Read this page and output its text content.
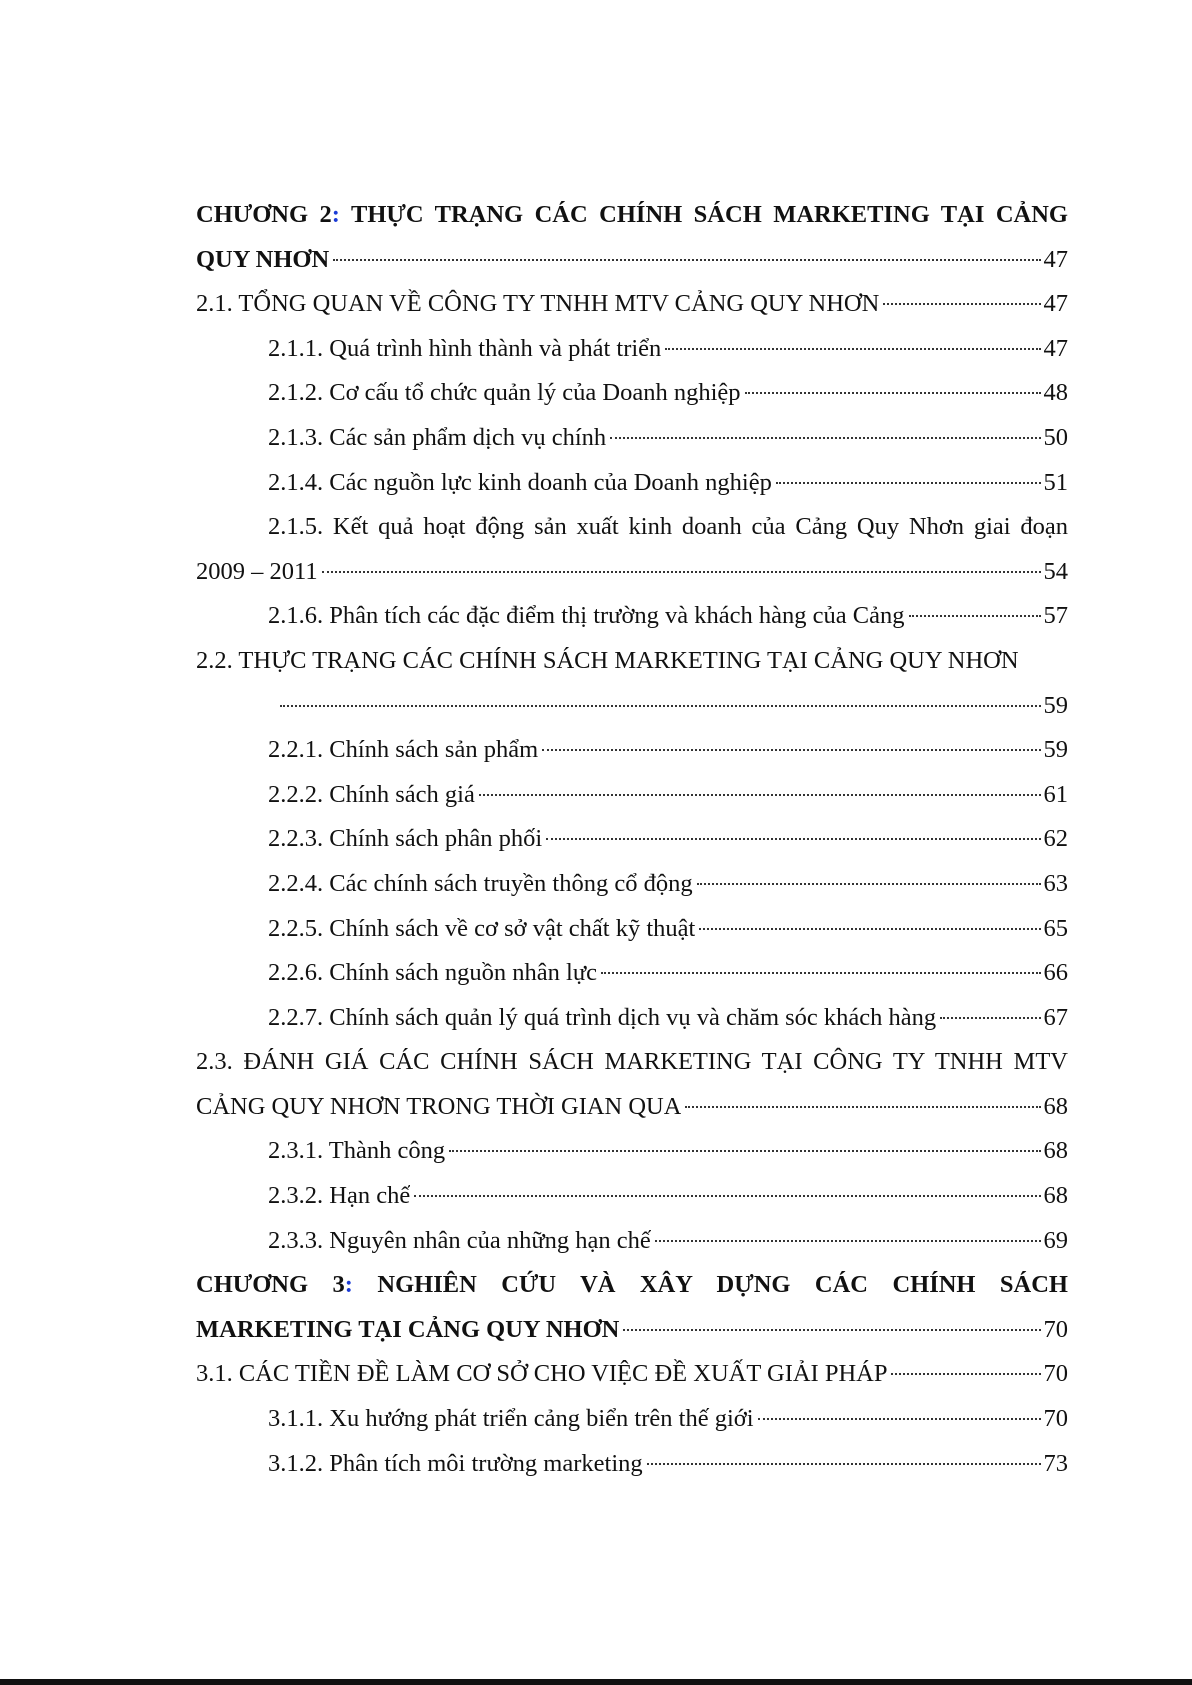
CHƯƠNG 2: THỰC TRẠNG CÁC CHÍNH SÁCH MARKETING TẠI CẢNG
QUY NHƠN	47
2.1. TỔNG QUAN VỀ CÔNG TY TNHH MTV CẢNG QUY NHƠN	47
2.1.1. Quá trình hình thành và phát triển	47
2.1.2. Cơ cấu tổ chức quản lý của Doanh nghiệp	48
2.1.3. Các sản phẩm dịch vụ chính	50
2.1.4. Các nguồn lực kinh doanh của Doanh nghiệp	51
2.1.5. Kết quả hoạt động sản xuất kinh doanh của Cảng Quy Nhơn giai đoạn
2009 – 2011	54
2.1.6. Phân tích các đặc điểm thị trường và khách hàng của Cảng	57
2.2. THỰC TRẠNG CÁC CHÍNH SÁCH MARKETING TẠI CẢNG QUY NHƠN
59
2.2.1. Chính sách sản phẩm	59
2.2.2. Chính sách giá	61
2.2.3. Chính sách phân phối	62
2.2.4. Các chính sách truyền thông cổ động	63
2.2.5. Chính sách về cơ sở vật chất kỹ thuật	65
2.2.6. Chính sách nguồn nhân lực	66
2.2.7. Chính sách quản lý quá trình dịch vụ và chăm sóc khách hàng	67
2.3. ĐÁNH GIÁ CÁC CHÍNH SÁCH MARKETING TẠI CÔNG TY TNHH MTV
CẢNG QUY NHƠN TRONG THỜI GIAN QUA	68
2.3.1. Thành công	68
2.3.2. Hạn chế	68
2.3.3. Nguyên nhân của những hạn chế	69
CHƯƠNG 3: NGHIÊN CỨU VÀ XÂY DỰNG CÁC CHÍNH SÁCH
MARKETING TẠI CẢNG QUY NHƠN	70
3.1. CÁC TIỀN ĐỀ LÀM CƠ SỞ CHO VIỆC ĐỀ XUẤT GIẢI PHÁP	70
3.1.1. Xu hướng phát triển cảng biển trên thế giới	70
3.1.2. Phân tích môi trường marketing	73
